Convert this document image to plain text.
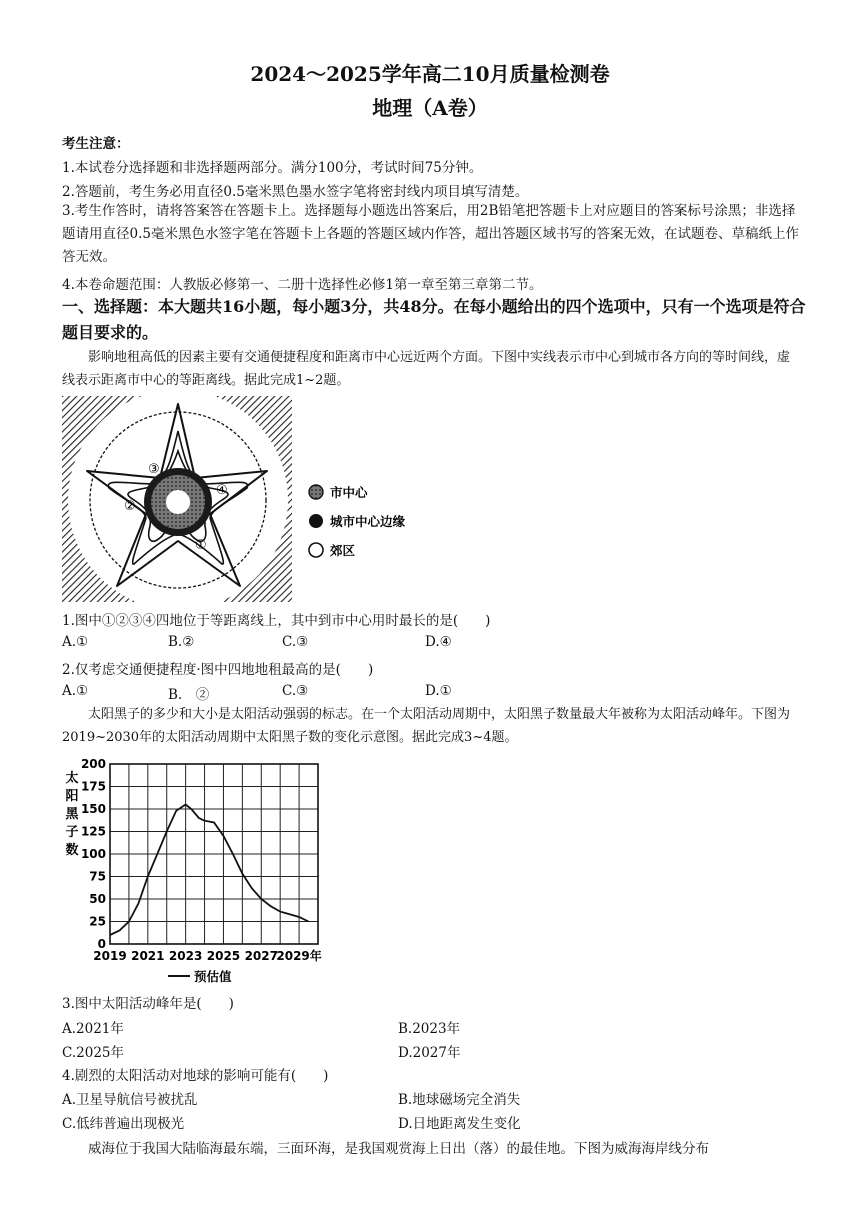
2024～2025学年高二10月质量检测卷
地理（A卷）
考生注意：
1.本试卷分选择题和非选择题两部分。满分100分，考试时间75分钟。
2.答题前，考生务必用直径0.5毫米黑色墨水签字笔将密封线内项目填写清楚。
3.考生作答时，请将答案答在答题卡上。选择题每小题选出答案后，用2B铅笔把答题卡上对应题目的答案标号涂黑；非选择题请用直径0.5毫米黑色水签字笔在答题卡上各题的答题区域内作答，超出答题区域书写的答案无效，在试题卷、草稿纸上作答无效。
4.本卷命题范围：人教版必修第一、二册十选择性必修1第一章至第三章第二节。
一、选择题：本大题共16小题，每小题3分，共48分。在每小题给出的四个选项中，只有一个选项是符合题目要求的。
影响地租高低的因素主要有交通便捷程度和距离市中心远近两个方面。下图中实线表示市中心到城市各方向的等时间线，虚线表示距离市中心的等距离线。据此完成1~2题。
③
②
④
①
市中心
城市中心边缘
郊区
1.图中①②③④四地位于等距离线上，其中到市中心用时最长的是(　　)
A.①	B.②	C.③	D.④
2.仅考虑交通便捷程度·图中四地地租最高的是(　　)
A.①	B.　②	C.③	D.①
太阳黑子的多少和大小是太阳活动强弱的标志。在一个太阳活动周期中，太阳黑子数量最大年被称为太阳活动峰年。下图为2019~2030年的太阳活动周期中太阳黑子数的变化示意图。据此完成3~4题。
0
25
50
75
100
125
150
175
200
2019 2021 2023 2025 2027
2029年
太
阳
黑
子
数
预估值
3.图中太阳活动峰年是(　　)
A.2021年	B.2023年
C.2025年	D.2027年
4.剧烈的太阳活动对地球的影响可能有(　　)
A.卫星导航信号被扰乱	B.地球磁场完全消失
C.低纬普遍出现极光	D.日地距离发生变化
威海位于我国大陆临海最东端，三面环海，是我国观赏海上日出（落）的最佳地。下图为威海海岸线分布
